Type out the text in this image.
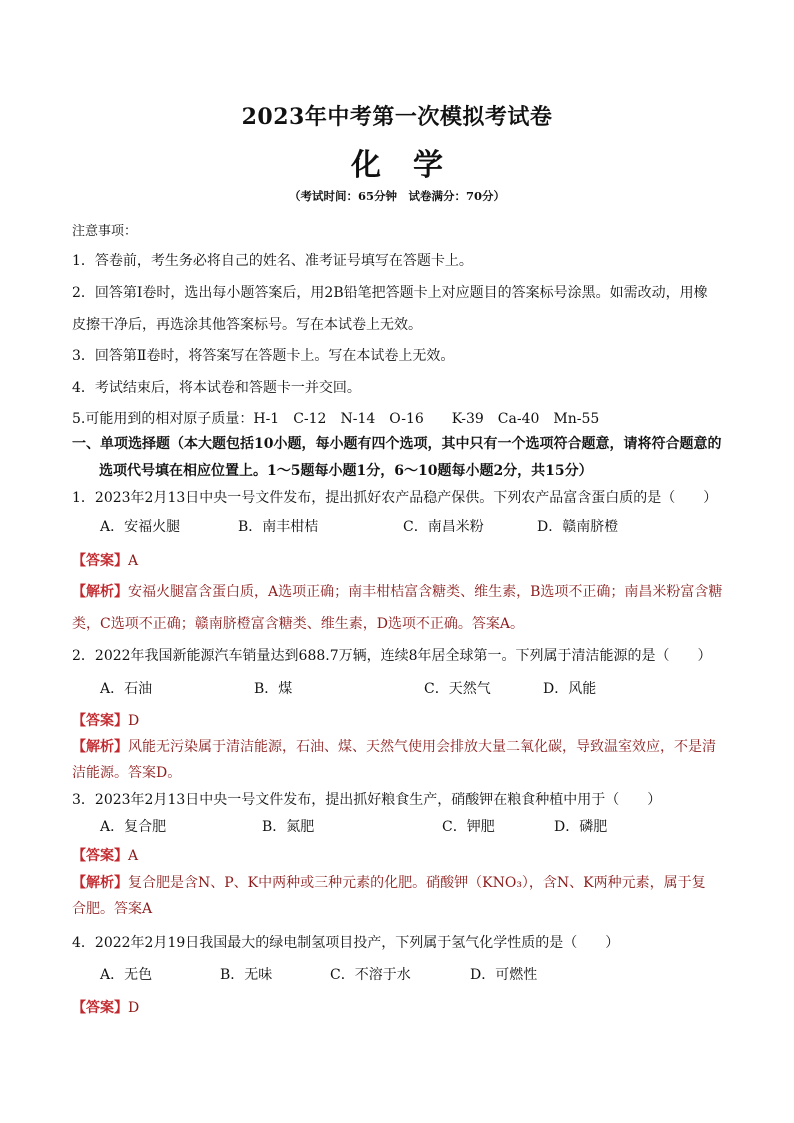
2023年中考第一次模拟考试卷
化学
（考试时间：65分钟　试卷满分：70分）
注意事项：
1．答卷前，考生务必将自己的姓名、准考证号填写在答题卡上。
2．回答第Ⅰ卷时，选出每小题答案后，用2B铅笔把答题卡上对应题目的答案标号涂黑。如需改动，用橡
皮擦干净后，再选涂其他答案标号。写在本试卷上无效。
3．回答第Ⅱ卷时，将答案写在答题卡上。写在本试卷上无效。
4．考试结束后，将本试卷和答题卡一并交回。
5.可能用到的相对原子质量：H-1　C-12　N-14　O-16　　K-39　Ca-40　Mn-55
一、单项选择题（本大题包括10小题，每小题有四个选项，其中只有一个选项符合题意，请将符合题意的
选项代号填在相应位置上。1～5题每小题1分，6～10题每小题2分，共15分）
1．2023年2月13日中央一号文件发布，提出抓好农产品稳产保供。下列农产品富含蛋白质的是（　　）
A．安福火腿	B．南丰柑桔	C．南昌米粉	D．赣南脐橙
【答案】A
【解析】安福火腿富含蛋白质，A选项正确；南丰柑桔富含糖类、维生素，B选项不正确；南昌米粉富含糖
类，C选项不正确；赣南脐橙富含糖类、维生素，D选项不正确。答案A。
2．2022年我国新能源汽车销量达到688.7万辆，连续8年居全球第一。下列属于清洁能源的是（　　）
A．石油	B．煤	C．天然气	D．风能
【答案】D
【解析】风能无污染属于清洁能源，石油、煤、天然气使用会排放大量二氧化碳，导致温室效应，不是清
洁能源。答案D。
3．2023年2月13日中央一号文件发布，提出抓好粮食生产，硝酸钾在粮食种植中用于（　　）
A．复合肥	B．氮肥	C．钾肥	D．磷肥
【答案】A
【解析】复合肥是含N、P、K中两种或三种元素的化肥。硝酸钾（KNO₃），含N、K两种元素，属于复
合肥。答案A
4．2022年2月19日我国最大的绿电制氢项目投产，下列属于氢气化学性质的是（　　）
A．无色	B．无味	C．不溶于水	D．可燃性
【答案】D
